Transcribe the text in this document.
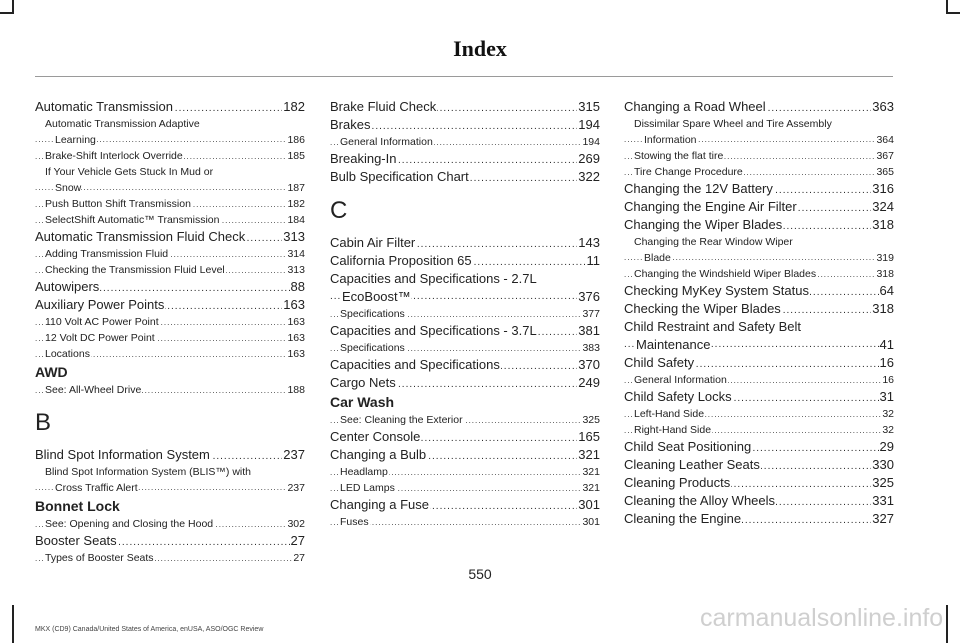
Index
Automatic Transmission	182
.....
Automatic Transmission Adaptive
Learning	186
.....
Brake-Shift Interlock Override	185
.....
If Your Vehicle Gets Stuck In Mud or
Snow	187
.....
Push Button Shift Transmission	182
.....
SelectShift Automatic™ Transmission	184
.....
Automatic Transmission Fluid Check	313
.....
Adding Transmission Fluid	314
.....
Checking the Transmission Fluid Level	313
.....
Autowipers	88
.....
Auxiliary Power Points	163
.....
110 Volt AC Power Point	163
.....
12 Volt DC Power Point	163
.....
Locations	163
.....
AWD
See: All-Wheel Drive	188
.....
B
Blind Spot Information System	237
.....
Blind Spot Information System (BLIS™) with
Cross Traffic Alert	237
.....
Bonnet Lock
See: Opening and Closing the Hood	302
.....
Booster Seats	27
.....
Types of Booster Seats	27
.....
Brake Fluid Check	315
.....
Brakes	194
.....
General Information	194
.....
Breaking-In	269
.....
Bulb Specification Chart	322
.....
C
Cabin Air Filter	143
.....
California Proposition 65	11
.....
Capacities and Specifications - 2.7L
EcoBoost™	376
.....
Specifications	377
.....
Capacities and Specifications - 3.7L	381
.....
Specifications	383
.....
Capacities and Specifications	370
.....
Cargo Nets	249
.....
Car Wash
See: Cleaning the Exterior	325
.....
Center Console	165
.....
Changing a Bulb	321
.....
Headlamp	321
.....
LED Lamps	321
.....
Changing a Fuse	301
.....
Fuses	301
.....
Changing a Road Wheel	363
.....
Dissimilar Spare Wheel and Tire Assembly
Information	364
.....
Stowing the flat tire	367
.....
Tire Change Procedure	365
.....
Changing the 12V Battery	316
.....
Changing the Engine Air Filter	324
.....
Changing the Wiper Blades	318
.....
Changing the Rear Window Wiper
Blade	319
.....
Changing the Windshield Wiper Blades	318
.....
Checking MyKey System Status	64
.....
Checking the Wiper Blades	318
.....
Child Restraint and Safety Belt
Maintenance	41
.....
Child Safety	16
.....
General Information	16
.....
Child Safety Locks	31
.....
Left-Hand Side	32
.....
Right-Hand Side	32
.....
Child Seat Positioning	29
.....
Cleaning Leather Seats	330
.....
Cleaning Products	325
.....
Cleaning the Alloy Wheels	331
.....
Cleaning the Engine	327
.....
550
MKX (CD9) Canada/United States of America, enUSA, ASO/OGC Review	carmanualsonline.info
